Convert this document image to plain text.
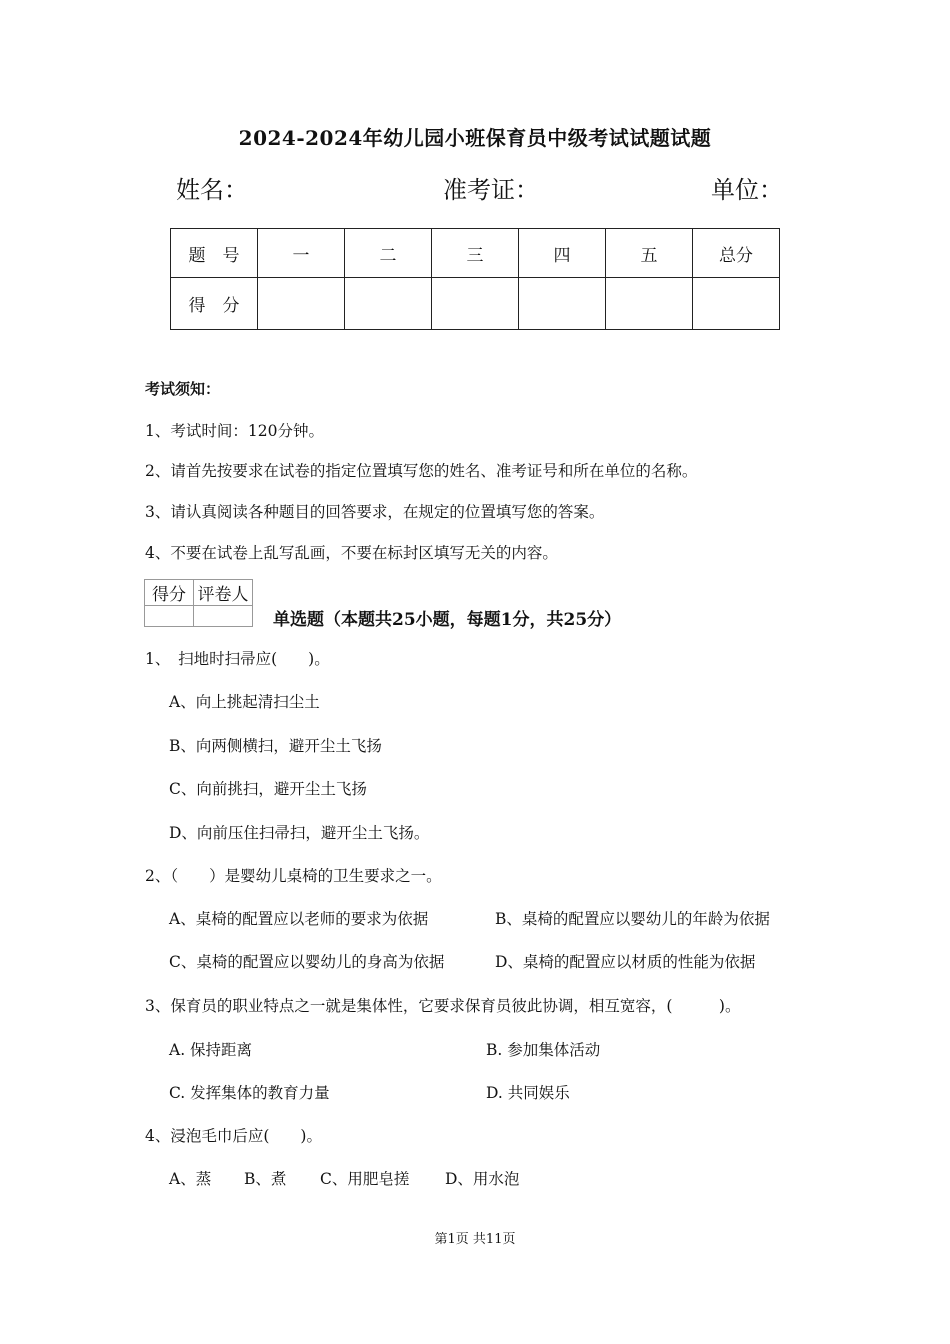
2024-2024年幼儿园小班保育员中级考试试题试题
姓名：	准考证：	单位：
题　号	一	二	三	四	五	总分
得　分						
考试须知：
1、考试时间：120分钟。
2、请首先按要求在试卷的指定位置填写您的姓名、准考证号和所在单位的名称。
3、请认真阅读各种题目的回答要求，在规定的位置填写您的答案。
4、不要在试卷上乱写乱画，不要在标封区填写无关的内容。
得分	评卷人

单选题（本题共25小题，每题1分，共25分）
1、　扫地时扫帚应(　　)。
A、向上挑起清扫尘土
B、向两侧横扫，避开尘土飞扬
C、向前挑扫，避开尘土飞扬
D、向前压住扫帚扫，避开尘土飞扬。
2、（　　）是婴幼儿桌椅的卫生要求之一。
A、桌椅的配置应以老师的要求为依据	B、桌椅的配置应以婴幼儿的年龄为依据
C、桌椅的配置应以婴幼儿的身高为依据	D、桌椅的配置应以材质的性能为依据
3、保育员的职业特点之一就是集体性，它要求保育员彼此协调，相互宽容，(　　　)。
A. 保持距离	B. 参加集体活动
C. 发挥集体的教育力量	D. 共同娱乐
4、浸泡毛巾后应(　　)。
A、蒸 B、煮 C、用肥皂搓 D、用水泡
第1页 共11页
